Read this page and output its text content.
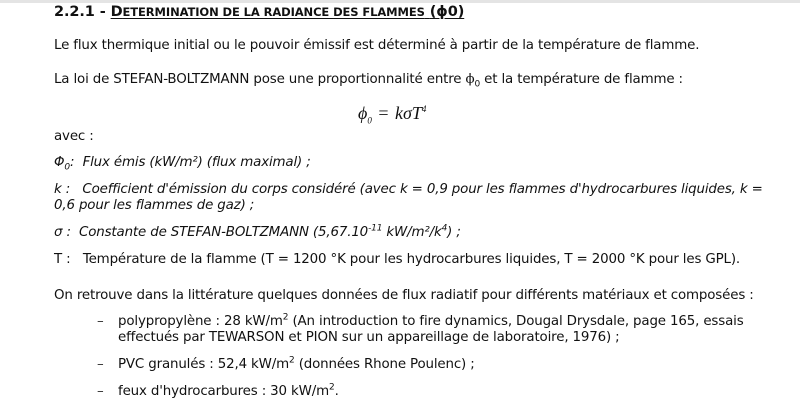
2.2.1 - DETERMINATION DE LA RADIANCE DES FLAMMES (ϕ0)
Le flux thermique initial ou le pouvoir émissif est déterminé à partir de la température de flamme.
La loi de STEFAN-BOLTZMANN pose une proportionnalité entre $\phi_0$ et la température de flamme :
$\phi_0 = k\sigma T^4$
avec :
$\Phi_0$: Flux émis (kW/m²) (flux maximal) ;
k : Coefficient d'émission du corps considéré (avec k = 0,9 pour les flammes d'hydrocarbures liquides, k =
0,6 pour les flammes de gaz) ;
σ : Constante de STEFAN-BOLTZMANN ($5,67.10^{-11}$ $kW/m^2/k^4$) ;
T : Température de la flamme (T = 1200 °K pour les hydrocarbures liquides, T = 2000 °K pour les GPL).
On retrouve dans la littérature quelques données de flux radiatif pour différents matériaux et composées :
– polypropylène : 28 $kW/m^2$ (An introduction to fire dynamics, Dougal Drysdale, page 165, essais
effectués par TEWARSON et PION sur un appareillage de laboratoire, 1976) ;
– PVC granulés : 52,4 $kW/m^2$ (données Rhone Poulenc) ;
– feux d'hydrocarbures : 30 $kW/m^2$.
